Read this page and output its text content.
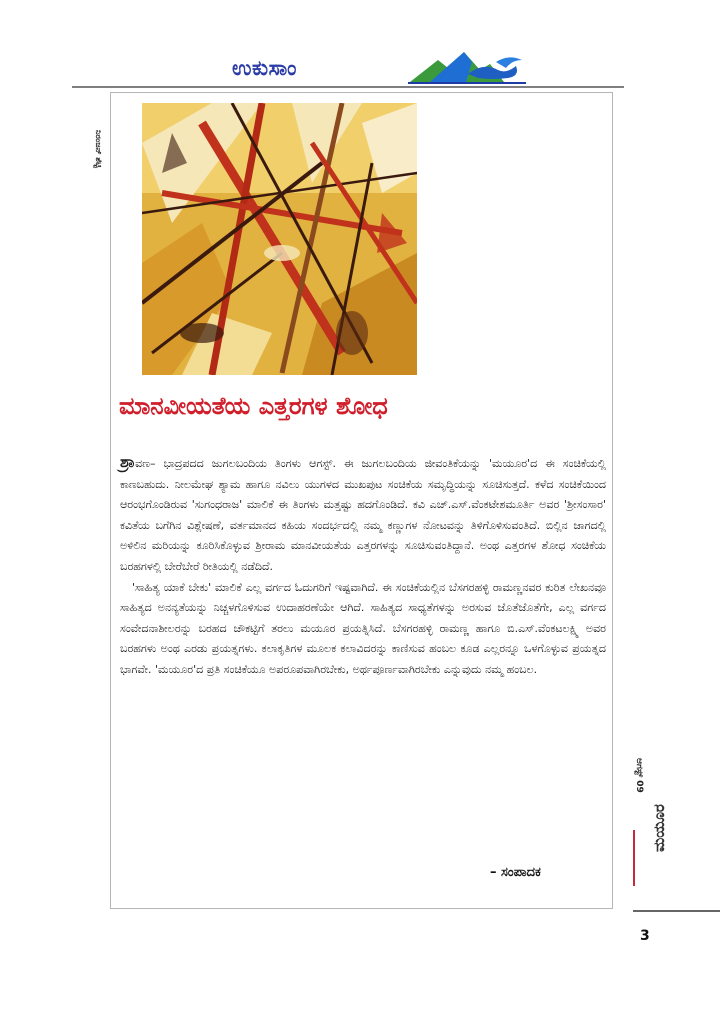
ಉಕುಸಾಂ
ನಿರಂಜನ್ ಶೆಟ್ಟಿ
ಮಾನವೀಯತೆಯ ಎತ್ತರಗಳ ಶೋಧ

ಶ್ರಾವಣ– ಭಾದ್ರಪದದ ಜುಗಲಬಂದಿಯ ತಿಂಗಳು ಆಗಸ್ಟ್. ಈ ಜುಗಲಬಂದಿಯ ಜೀವಂತಿಕೆಯನ್ನು 'ಮಯೂರ'ದ ಈ ಸಂಚಿಕೆಯಲ್ಲಿ ಕಾಣಬಹುದು. ನೀಲಮೇಘ ಶ್ಯಾಮ ಹಾಗೂ ನವಿಲು ಯುಗಳದ ಮುಖಪುಟ ಸಂಚಿಕೆಯ ಸಮೃದ್ಧಿಯನ್ನು ಸೂಚಿಸುತ್ತದೆ. ಕಳೆದ ಸಂಚಿಕೆಯಿಂದ ಆರಂಭಗೊಂಡಿರುವ 'ಸುಗಂಧರಾಜ' ಮಾಲಿಕೆ ಈ ತಿಂಗಳು ಮತ್ತಷ್ಟು ಹದಗೊಂಡಿದೆ. ಕವಿ ಎಚ್.ಎಸ್.ವೆಂಕಟೇಶಮೂರ್ತಿ ಅವರ 'ಶ್ರೀಸಂಸಾರ' ಕವಿತೆಯ ಬಗೆಗಿನ ವಿಶ್ಲೇಷಣೆ, ವರ್ತಮಾನದ ಕಹಿಯ ಸಂದರ್ಭದಲ್ಲಿ ನಮ್ಮ ಕಣ್ಣುಗಳ ನೋಟವನ್ನು ತಿಳಿಗೊಳಿಸುವಂತಿದೆ. ಬಿಲ್ಲಿನ ಜಾಗದಲ್ಲಿ ಅಳಿಲಿನ ಮರಿಯನ್ನು ಕೂರಿಸಿಕೊಳ್ಳುವ ಶ್ರೀರಾಮ ಮಾನವೀಯತೆಯ ಎತ್ತರಗಳನ್ನು ಸೂಚಿಸುವಂತಿದ್ದಾನೆ. ಅಂಥ ಎತ್ತರಗಳ ಶೋಧ ಸಂಚಿಕೆಯ ಬರಹಗಳಲ್ಲಿ ಬೇರೆಬೇರೆ ರೀತಿಯಲ್ಲಿ ನಡೆದಿದೆ.

'ಸಾಹಿತ್ಯ ಯಾಕೆ ಬೇಕು' ಮಾಲಿಕೆ ಎಲ್ಲ ವರ್ಗದ ಓದುಗರಿಗೆ ಇಷ್ಟವಾಗಿದೆ. ಈ ಸಂಚಿಕೆಯಲ್ಲಿನ ಬೆಸಗರಹಳ್ಳಿ ರಾಮಣ್ಣನವರ ಕುರಿತ ಲೇಖನವೂ ಸಾಹಿತ್ಯದ ಅನನ್ಯತೆಯನ್ನು ನಿಚ್ಚಳಗೊಳಿಸುವ ಉದಾಹರಣೆಯೇ ಆಗಿದೆ. ಸಾಹಿತ್ಯದ ಸಾಧ್ಯತೆಗಳನ್ನು ಅರಸುವ ಜೊತೆಜೊತೆಗೇ, ಎಲ್ಲ ವರ್ಗದ ಸಂವೇದನಾಶೀಲರನ್ನು ಬರಹದ ಚೌಕಟ್ಟಿಗೆ ತರಲು ಮಯೂರ ಪ್ರಯತ್ನಿಸಿದೆ. ಬೆಸಗರಹಳ್ಳಿ ರಾಮಣ್ಣ ಹಾಗೂ ಬಿ.ಎಸ್.ವೆಂಕಟಲಕ್ಷ್ಮಿ ಅವರ ಬರಹಗಳು ಅಂಥ ಎರಡು ಪ್ರಯತ್ನಗಳು. ಕಲಾಕೃತಿಗಳ ಮೂಲಕ ಕಲಾವಿದರನ್ನು ಕಾಣಿಸುವ ಹಂಬಲ ಕೂಡ ಎಲ್ಲರನ್ನೂ ಒಳಗೊಳ್ಳುವ ಪ್ರಯತ್ನದ ಭಾಗವೇ. 'ಮಯೂರ'ದ ಪ್ರತಿ ಸಂಚಿಕೆಯೂ ಅಪರೂಪವಾಗಿರಬೇಕು, ಅರ್ಥಪೂರ್ಣವಾಗಿರಬೇಕು ಎನ್ನುವುದು ನಮ್ಮ ಹಂಬಲ.

– ಸಂಪಾದಕ
ಆಗಸ್ಟ್ 09
ಮಯೂರ
3
